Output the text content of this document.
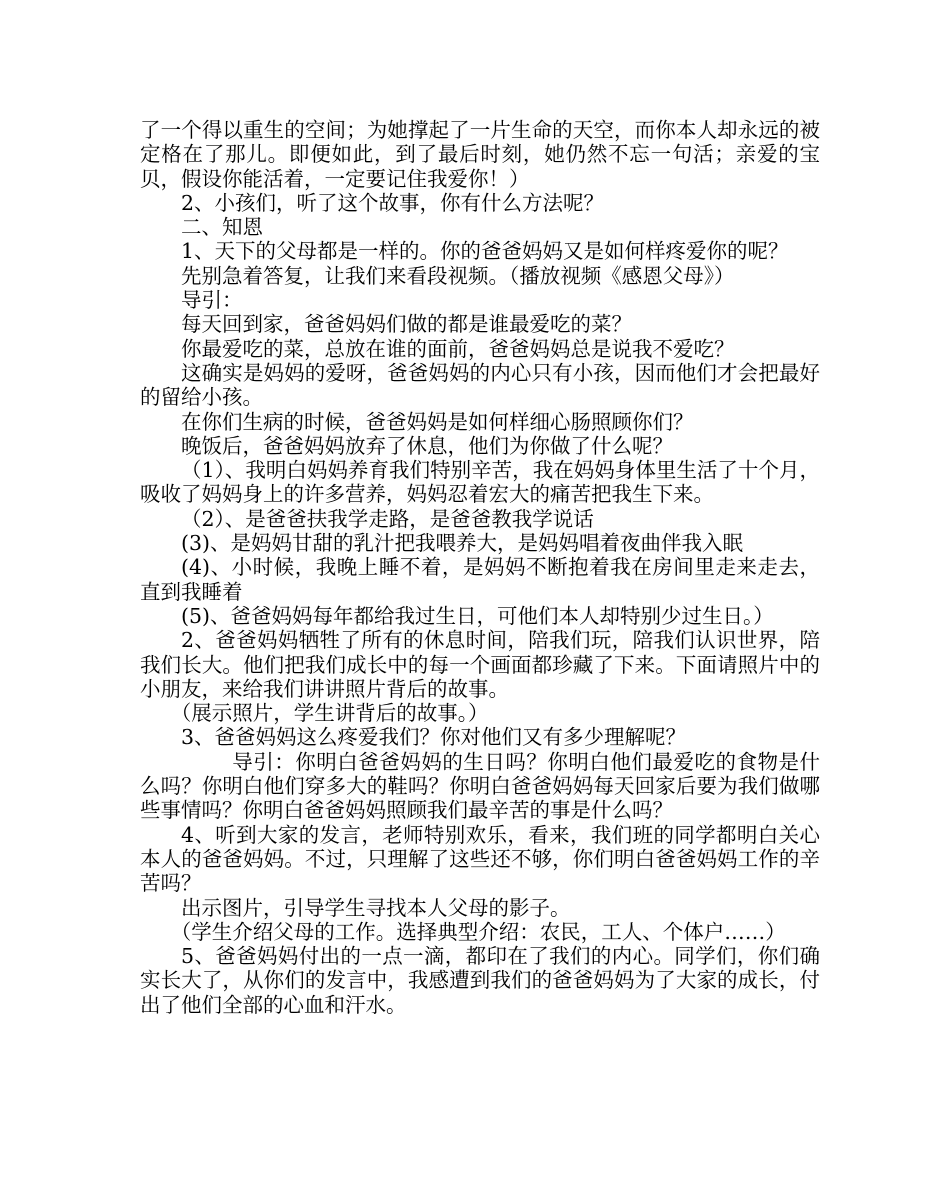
了一个得以重生的空间；为她撑起了一片生命的天空，而你本人却永远的被定格在了那儿。即便如此，到了最后时刻，她仍然不忘一句活；亲爱的宝贝，假设你能活着，一定要记住我爱你！）

2、小孩们，听了这个故事，你有什么方法呢？

二、知恩

1、天下的父母都是一样的。你的爸爸妈妈又是如何样疼爱你的呢？

先别急着答复，让我们来看段视频。（播放视频《感恩父母》）

导引：

每天回到家，爸爸妈妈们做的都是谁最爱吃的菜？

你最爱吃的菜，总放在谁的面前，爸爸妈妈总是说我不爱吃？

这确实是妈妈的爱呀，爸爸妈妈的内心只有小孩，因而他们才会把最好的留给小孩。

在你们生病的时候，爸爸妈妈是如何样细心肠照顾你们？

晚饭后，爸爸妈妈放弃了休息，他们为你做了什么呢？

（1）、我明白妈妈养育我们特别辛苦，我在妈妈身体里生活了十个月，吸收了妈妈身上的许多营养，妈妈忍着宏大的痛苦把我生下来。

（2）、是爸爸扶我学走路，是爸爸教我学说话

(3)、是妈妈甘甜的乳汁把我喂养大，是妈妈唱着夜曲伴我入眠

(4)、小时候，我晚上睡不着，是妈妈不断抱着我在房间里走来走去，直到我睡着

(5)、爸爸妈妈每年都给我过生日，可他们本人却特别少过生日。）

2、爸爸妈妈牺牲了所有的休息时间，陪我们玩，陪我们认识世界，陪我们长大。他们把我们成长中的每一个画面都珍藏了下来。下面请照片中的小朋友，来给我们讲讲照片背后的故事。

（展示照片，学生讲背后的故事。）

3、爸爸妈妈这么疼爱我们？你对他们又有多少理解呢？

导引：你明白爸爸妈妈的生日吗？你明白他们最爱吃的食物是什么吗？你明白他们穿多大的鞋吗？你明白爸爸妈妈每天回家后要为我们做哪些事情吗？你明白爸爸妈妈照顾我们最辛苦的事是什么吗？

4、听到大家的发言，老师特别欢乐，看来，我们班的同学都明白关心本人的爸爸妈妈。不过，只理解了这些还不够，你们明白爸爸妈妈工作的辛苦吗？

出示图片，引导学生寻找本人父母的影子。

（学生介绍父母的工作。选择典型介绍：农民，工人、个体户……）

5、爸爸妈妈付出的一点一滴，都印在了我们的内心。同学们，你们确实长大了，从你们的发言中，我感遭到我们的爸爸妈妈为了大家的成长，付出了他们全部的心血和汗水。
